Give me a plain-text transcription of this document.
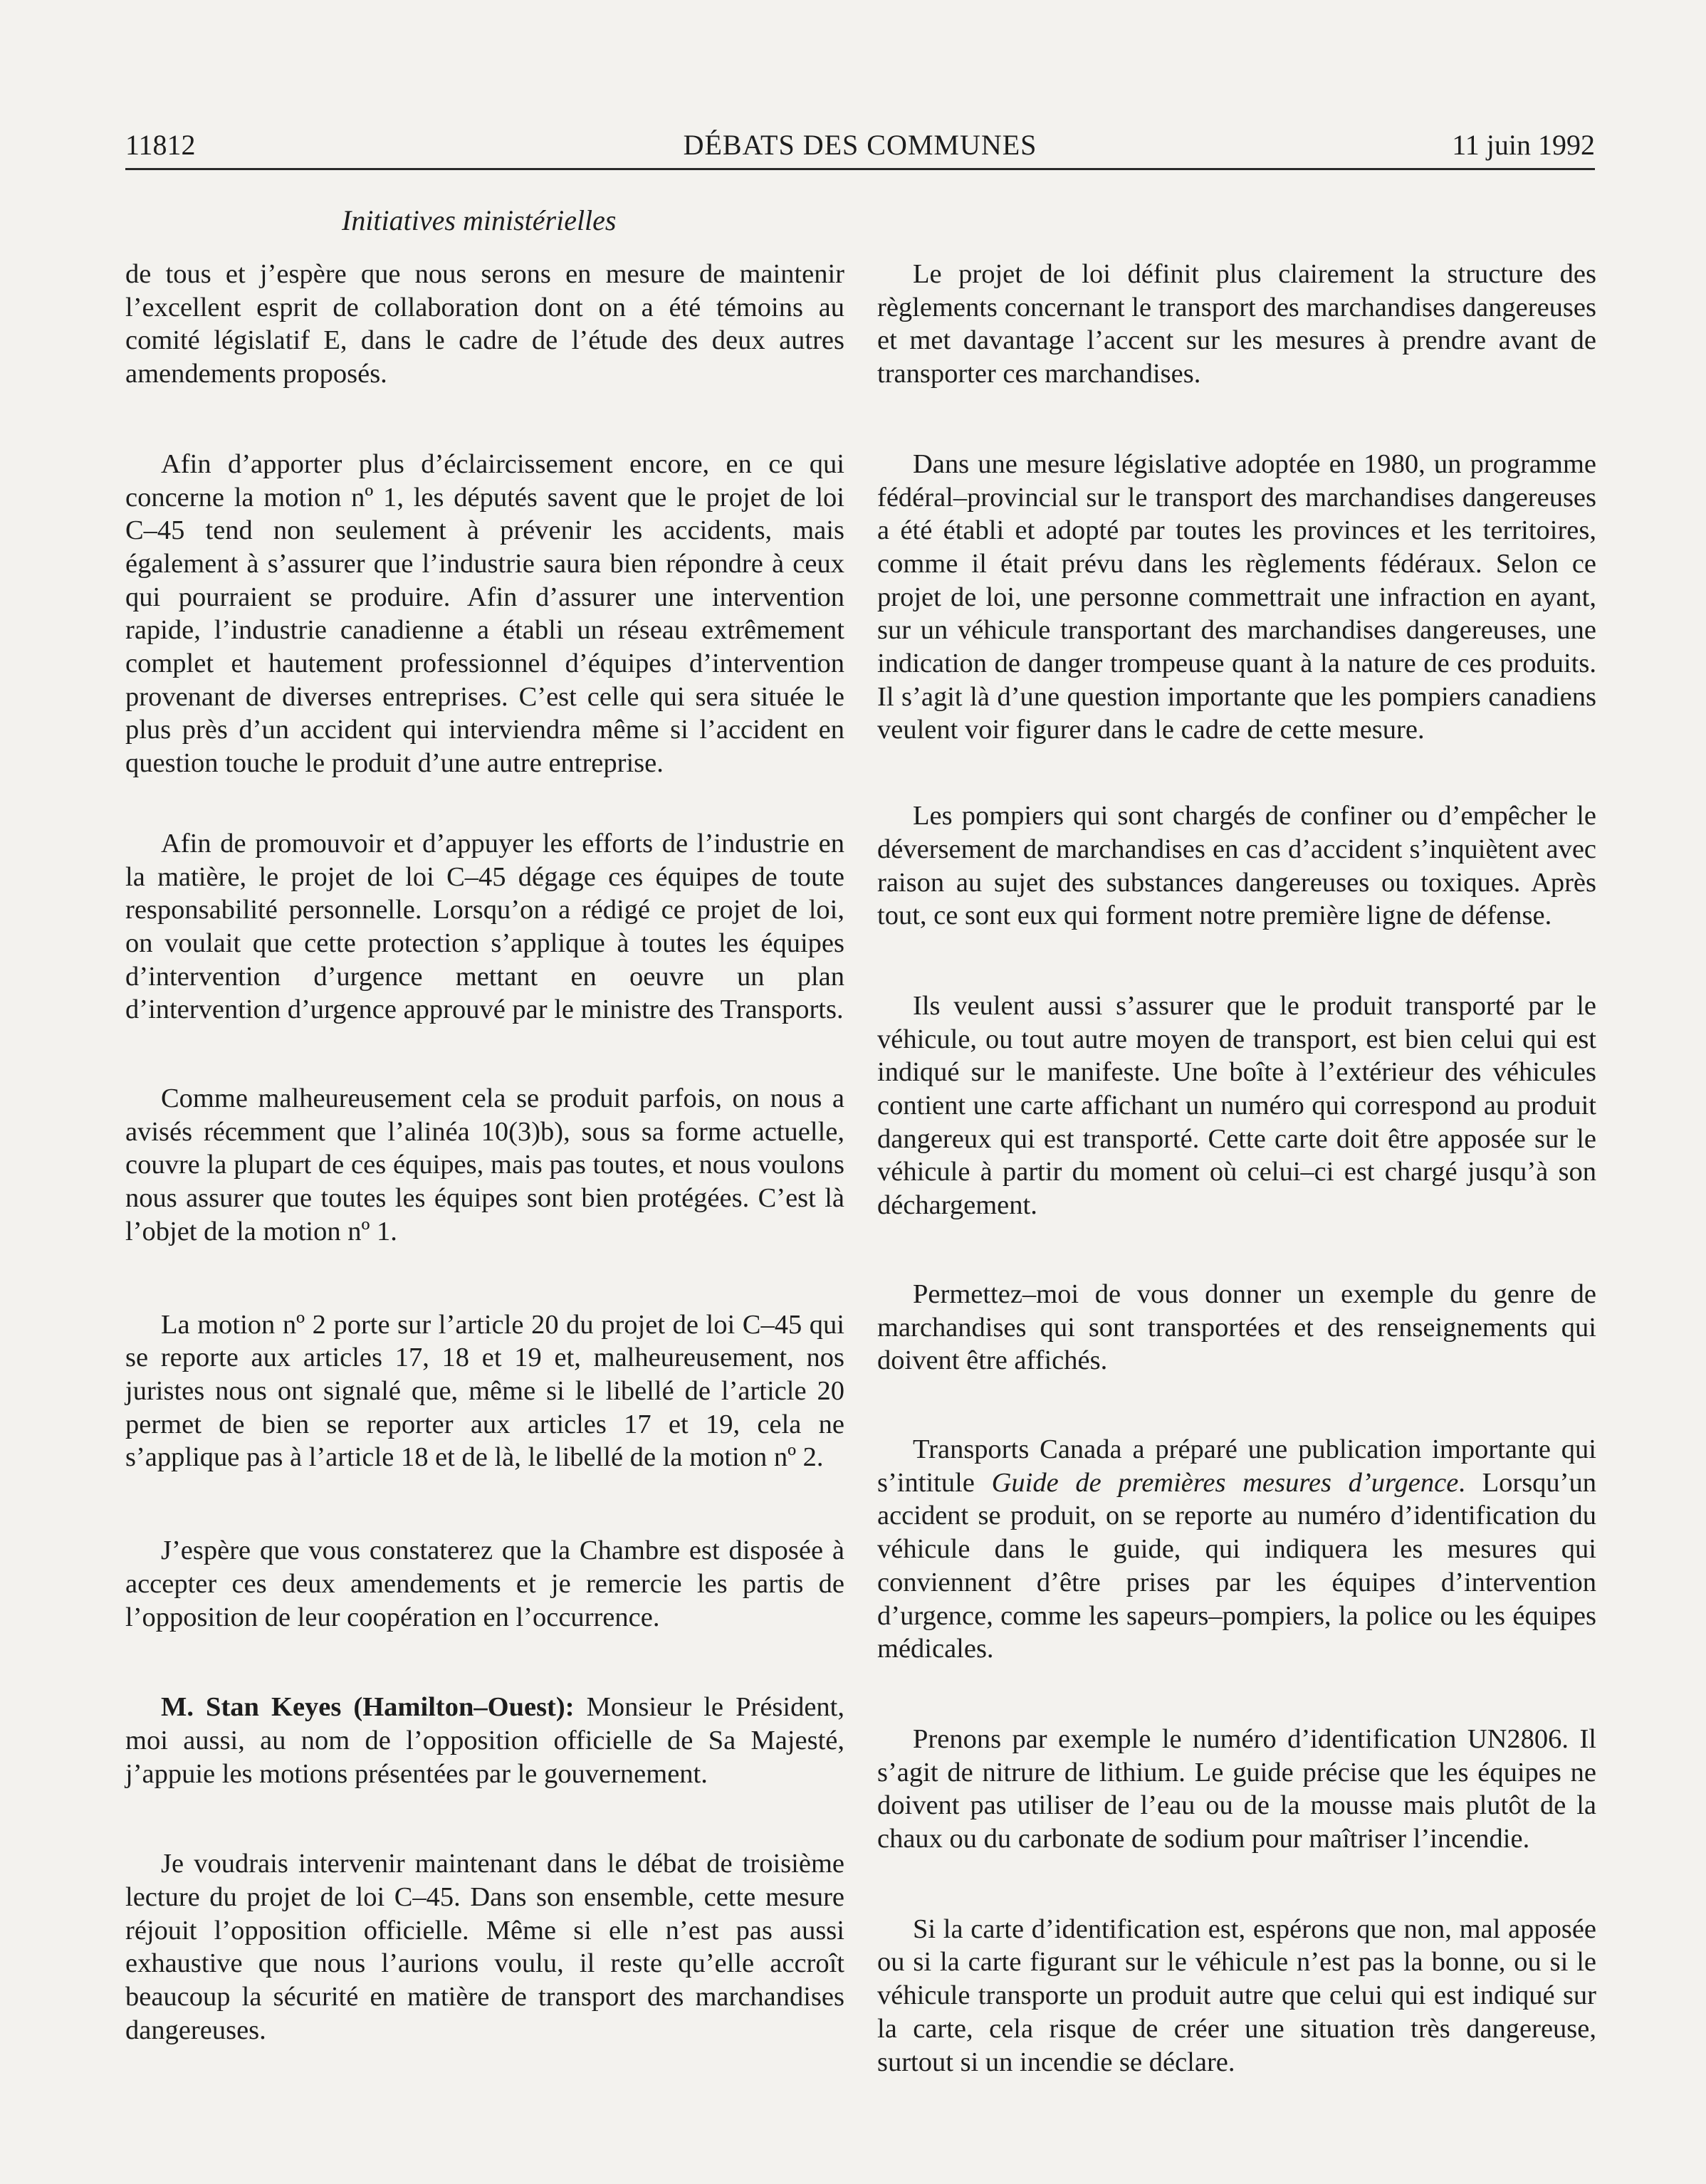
11812	DÉBATS DES COMMUNES	11 juin 1992
Initiatives ministérielles

de tous et j’espère que nous serons en mesure de maintenir l’excellent esprit de collaboration dont on a été témoins au comité législatif E, dans le cadre de l’étude des deux autres amendements proposés.

Afin d’apporter plus d’éclaircissement encore, en ce qui concerne la motion nº 1, les députés savent que le projet de loi C–45 tend non seulement à prévenir les accidents, mais également à s’assurer que l’industrie saura bien répondre à ceux qui pourraient se produire. Afin d’assurer une intervention rapide, l’industrie canadienne a établi un réseau extrêmement complet et hautement professionnel d’équipes d’intervention provenant de diverses entreprises. C’est celle qui sera située le plus près d’un accident qui interviendra même si l’accident en question touche le produit d’une autre entreprise.

Afin de promouvoir et d’appuyer les efforts de l’industrie en la matière, le projet de loi C–45 dégage ces équipes de toute responsabilité personnelle. Lorsqu’on a rédigé ce projet de loi, on voulait que cette protection s’applique à toutes les équipes d’intervention d’urgence mettant en oeuvre un plan d’intervention d’urgence approuvé par le ministre des Transports.

Comme malheureusement cela se produit parfois, on nous a avisés récemment que l’alinéa 10(3)b), sous sa forme actuelle, couvre la plupart de ces équipes, mais pas toutes, et nous voulons nous assurer que toutes les équipes sont bien protégées. C’est là l’objet de la motion nº 1.

La motion nº 2 porte sur l’article 20 du projet de loi C–45 qui se reporte aux articles 17, 18 et 19 et, malheureusement, nos juristes nous ont signalé que, même si le libellé de l’article 20 permet de bien se reporter aux articles 17 et 19, cela ne s’applique pas à l’article 18 et de là, le libellé de la motion nº 2.

J’espère que vous constaterez que la Chambre est disposée à accepter ces deux amendements et je remercie les partis de l’opposition de leur coopération en l’occurrence.

M. Stan Keyes (Hamilton–Ouest): Monsieur le Président, moi aussi, au nom de l’opposition officielle de Sa Majesté, j’appuie les motions présentées par le gouvernement.

Je voudrais intervenir maintenant dans le débat de troisième lecture du projet de loi C–45. Dans son ensemble, cette mesure réjouit l’opposition officielle. Même si elle n’est pas aussi exhaustive que nous l’aurions voulu, il reste qu’elle accroît beaucoup la sécurité en matière de transport des marchandises dangereuses.

Le projet de loi définit plus clairement la structure des règlements concernant le transport des marchandises dangereuses et met davantage l’accent sur les mesures à prendre avant de transporter ces marchandises.

Dans une mesure législative adoptée en 1980, un programme fédéral–provincial sur le transport des marchandises dangereuses a été établi et adopté par toutes les provinces et les territoires, comme il était prévu dans les règlements fédéraux. Selon ce projet de loi, une personne commettrait une infraction en ayant, sur un véhicule transportant des marchandises dangereuses, une indication de danger trompeuse quant à la nature de ces produits. Il s’agit là d’une question importante que les pompiers canadiens veulent voir figurer dans le cadre de cette mesure.

Les pompiers qui sont chargés de confiner ou d’empêcher le déversement de marchandises en cas d’accident s’inquiètent avec raison au sujet des substances dangereuses ou toxiques. Après tout, ce sont eux qui forment notre première ligne de défense.

Ils veulent aussi s’assurer que le produit transporté par le véhicule, ou tout autre moyen de transport, est bien celui qui est indiqué sur le manifeste. Une boîte à l’extérieur des véhicules contient une carte affichant un numéro qui correspond au produit dangereux qui est transporté. Cette carte doit être apposée sur le véhicule à partir du moment où celui–ci est chargé jusqu’à son déchargement.

Permettez–moi de vous donner un exemple du genre de marchandises qui sont transportées et des renseignements qui doivent être affichés.

Transports Canada a préparé une publication importante qui s’intitule Guide de premières mesures d’urgence. Lorsqu’un accident se produit, on se reporte au numéro d’identification du véhicule dans le guide, qui indiquera les mesures qui conviennent d’être prises par les équipes d’intervention d’urgence, comme les sapeurs–pompiers, la police ou les équipes médicales.

Prenons par exemple le numéro d’identification UN2806. Il s’agit de nitrure de lithium. Le guide précise que les équipes ne doivent pas utiliser de l’eau ou de la mousse mais plutôt de la chaux ou du carbonate de sodium pour maîtriser l’incendie.

Si la carte d’identification est, espérons que non, mal apposée ou si la carte figurant sur le véhicule n’est pas la bonne, ou si le véhicule transporte un produit autre que celui qui est indiqué sur la carte, cela risque de créer une situation très dangereuse, surtout si un incendie se déclare.
